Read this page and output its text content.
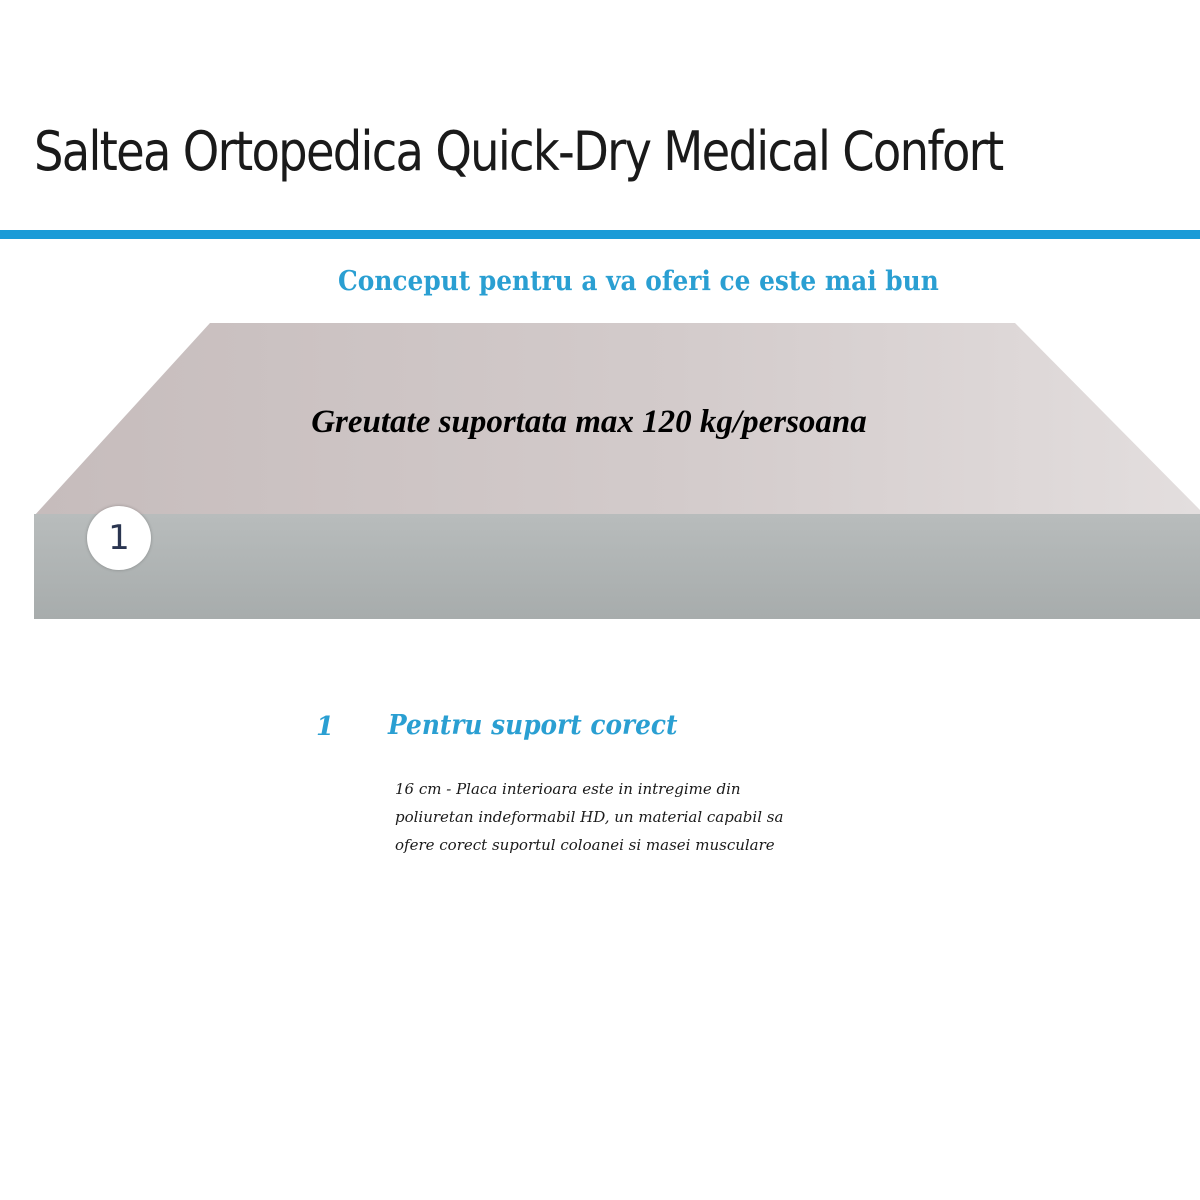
Saltea Ortopedica Quick-Dry Medical Confort
Conceput pentru a va oferi ce este mai bun
Greutate suportata max 120 kg/persoana
1
1 Pentru suport corect
16 cm - Placa interioara este in intregime din
poliuretan indeformabil HD, un material capabil sa
ofere corect suportul coloanei si masei musculare
